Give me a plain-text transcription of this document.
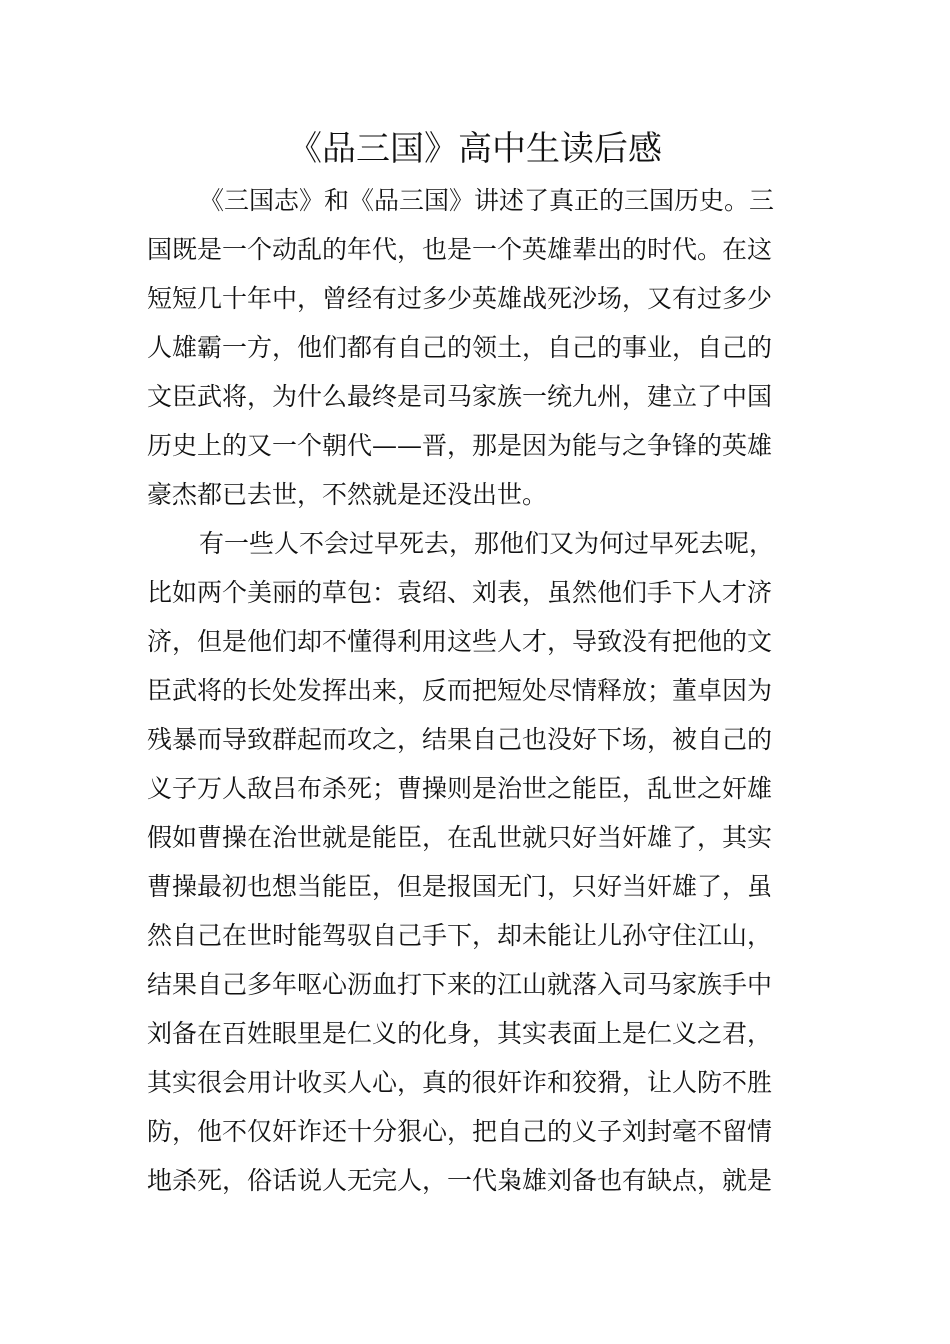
《品三国》高中生读后感
《三国志》和《品三国》讲述了真正的三国历史。三
国既是一个动乱的年代，也是一个英雄辈出的时代。在这
短短几十年中，曾经有过多少英雄战死沙场，又有过多少
人雄霸一方，他们都有自己的领土，自己的事业，自己的
文臣武将，为什么最终是司马家族一统九州，建立了中国
历史上的又一个朝代——晋，那是因为能与之争锋的英雄
豪杰都已去世，不然就是还没出世。
有一些人不会过早死去，那他们又为何过早死去呢，
比如两个美丽的草包：袁绍、刘表，虽然他们手下人才济
济，但是他们却不懂得利用这些人才，导致没有把他的文
臣武将的长处发挥出来，反而把短处尽情释放；董卓因为
残暴而导致群起而攻之，结果自己也没好下场，被自己的
义子万人敌吕布杀死；曹操则是治世之能臣，乱世之奸雄
假如曹操在治世就是能臣，在乱世就只好当奸雄了，其实
曹操最初也想当能臣，但是报国无门，只好当奸雄了，虽
然自己在世时能驾驭自己手下，却未能让儿孙守住江山，
结果自己多年呕心沥血打下来的江山就落入司马家族手中
刘备在百姓眼里是仁义的化身，其实表面上是仁义之君，
其实很会用计收买人心，真的很奸诈和狡猾，让人防不胜
防，他不仅奸诈还十分狠心，把自己的义子刘封毫不留情
地杀死，俗话说人无完人，一代枭雄刘备也有缺点，就是
